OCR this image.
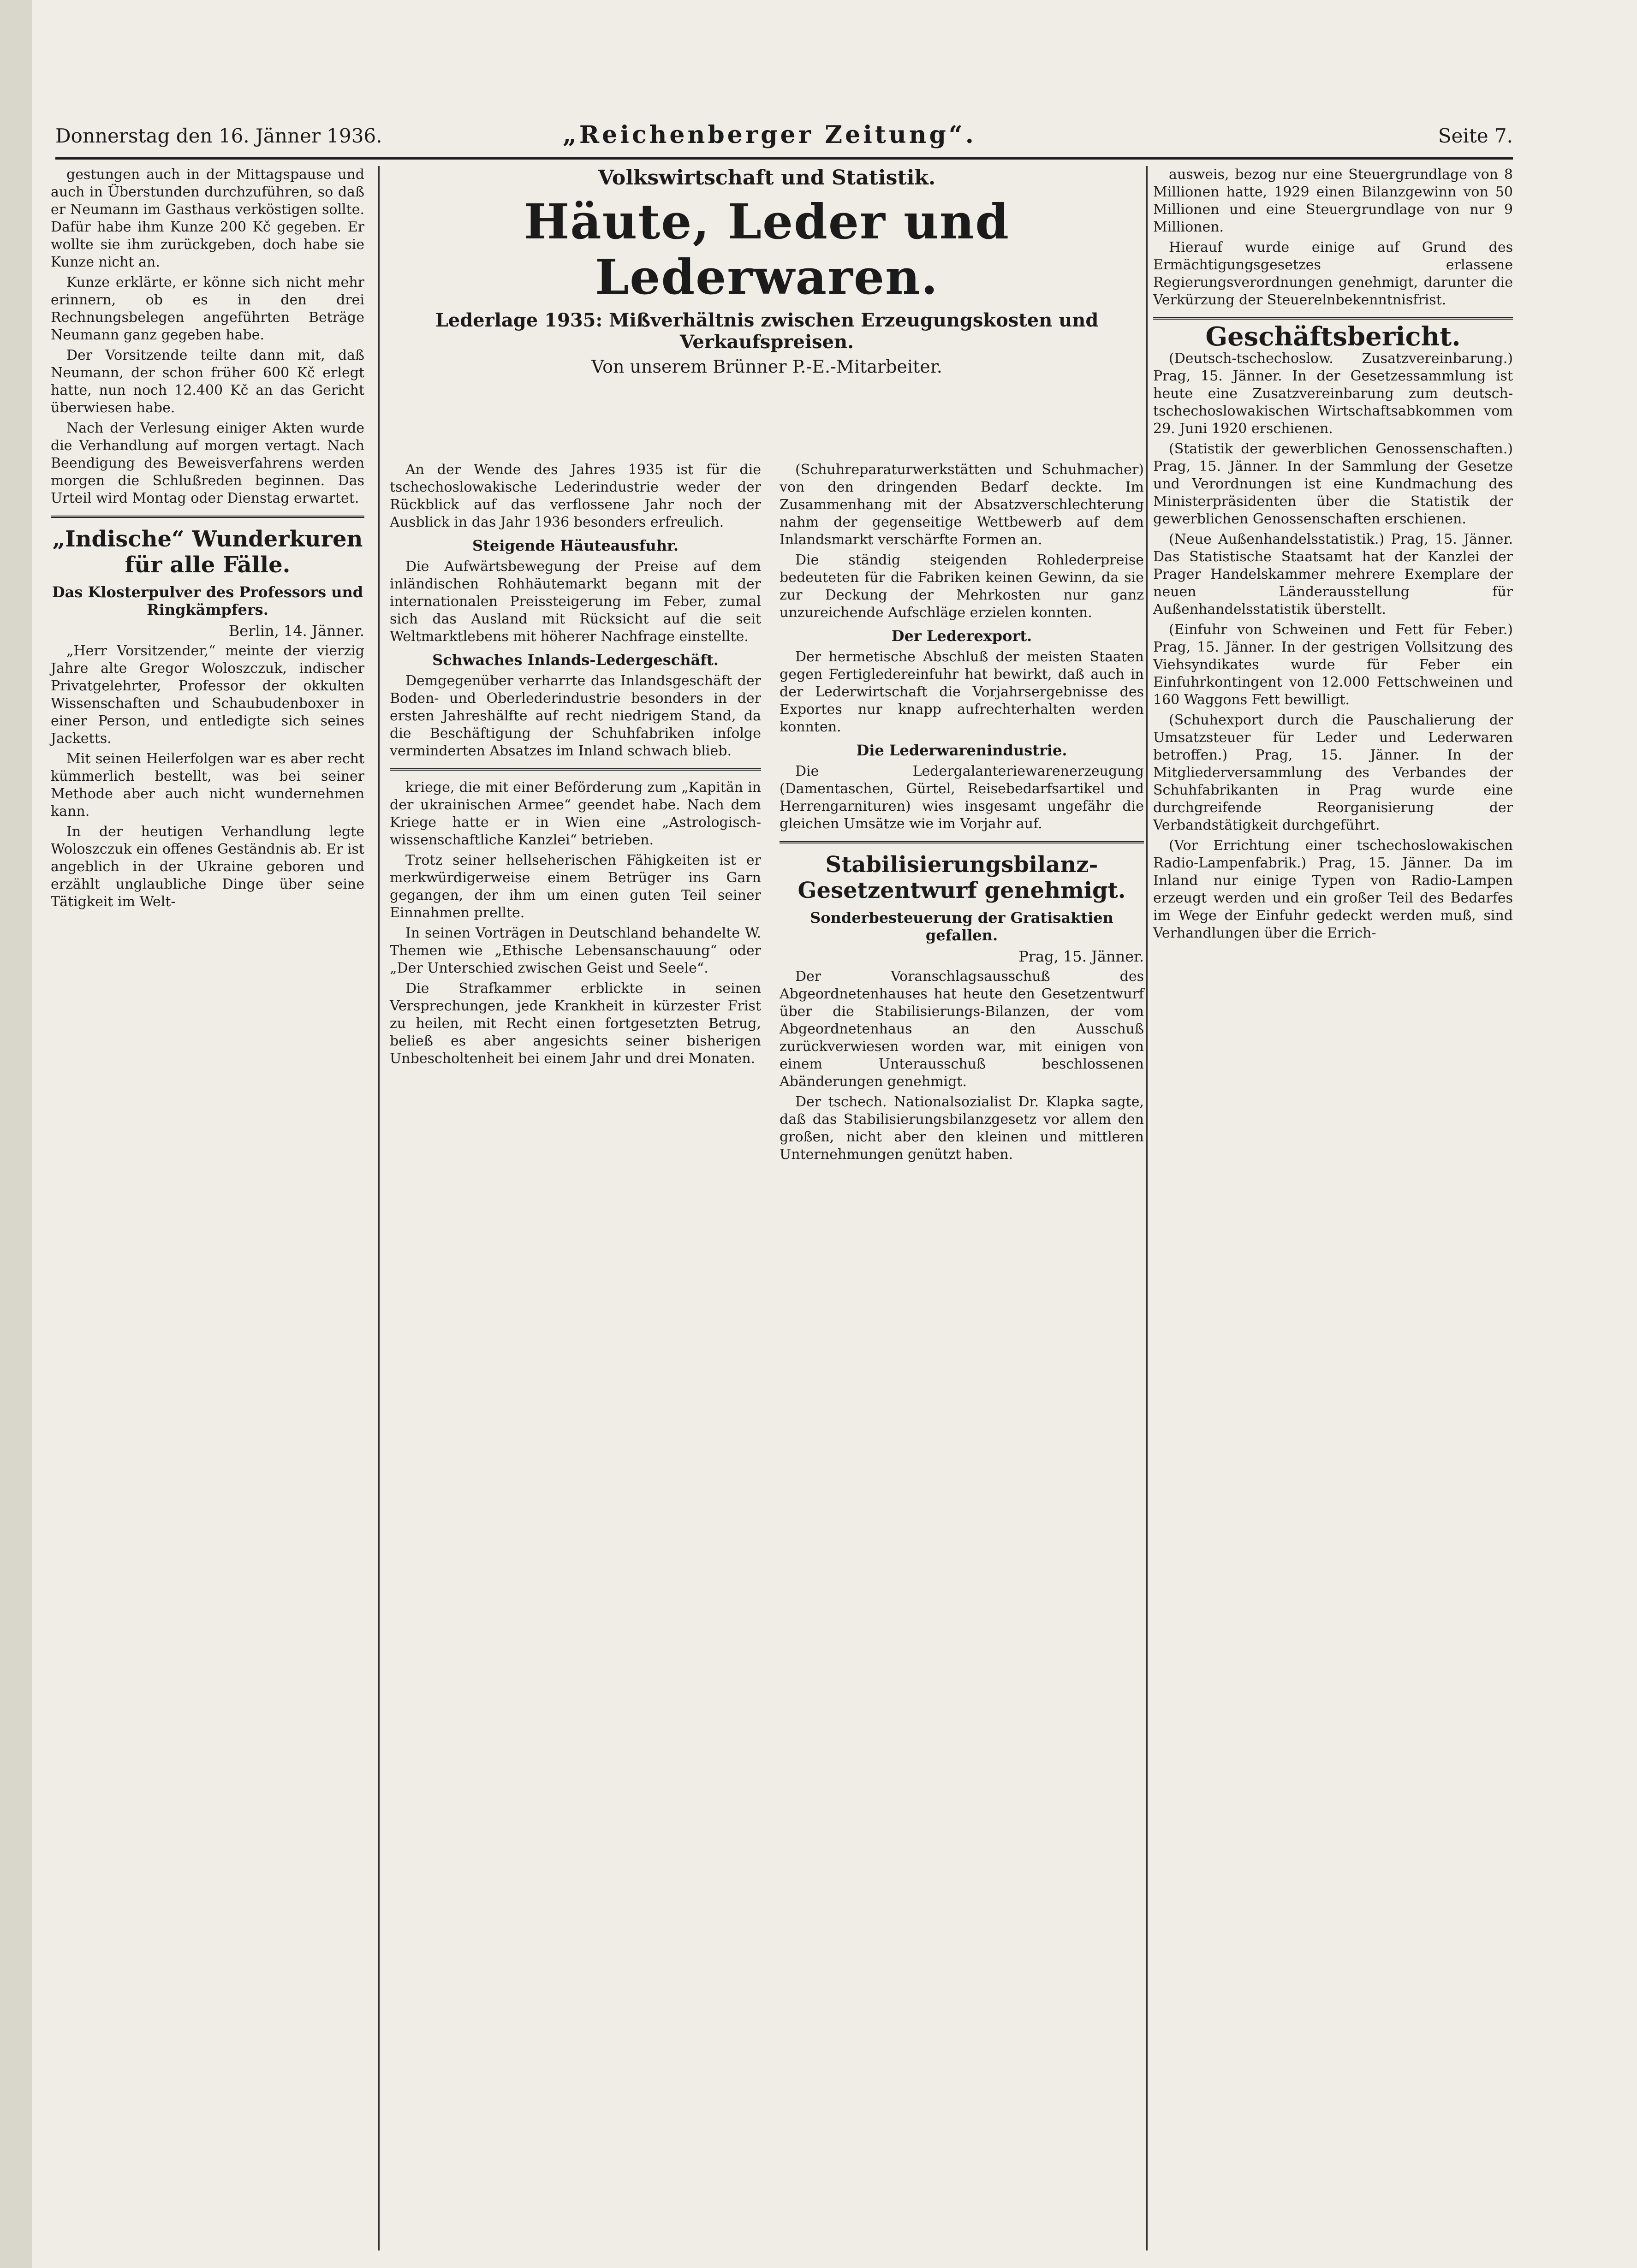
Donnerstag den 16. Jänner 1936.	„Reichenberger Zeitung“.	Seite 7.

gestungen auch in der Mittagspause und auch in Überstunden durchzuführen, so daß er Neumann im Gasthaus verköstigen sollte. Dafür habe ihm Kunze 200 Kč gegeben. Er wollte sie ihm zurückgeben, doch habe sie Kunze nicht an.

Kunze erklärte, er könne sich nicht mehr erinnern, ob es in den drei Rechnungsbelegen angeführten Beträge Neumann ganz gegeben habe.

Der Vorsitzende teilte dann mit, daß Neumann, der schon früher 600 Kč erlegt hatte, nun noch 12.400 Kč an das Gericht überwiesen habe.

Nach der Verlesung einiger Akten wurde die Verhandlung auf morgen vertagt. Nach Beendigung des Beweisverfahrens werden morgen die Schlußreden beginnen. Das Urteil wird Montag oder Dienstag erwartet.

„Indische“ Wunderkuren für alle Fälle.
Das Klosterpulver des Professors und Ringkämpfers.
Berlin, 14. Jänner.

„Herr Vorsitzender,“ meinte der vierzig Jahre alte Gregor Woloszczuk, indischer Privatgelehrter, Professor der okkulten Wissenschaften und Schaubudenboxer in einer Person, und entledigte sich seines Jacketts.

Mit seinen Heilerfolgen war es aber recht kümmerlich bestellt, was bei seiner Methode aber auch nicht wundernehmen kann.

In der heutigen Verhandlung legte Woloszczuk ein offenes Geständnis ab. Er ist angeblich in der Ukraine geboren und erzählt unglaubliche Dinge über seine Tätigkeit im Welt-

Volkswirtschaft und Statistik.
Häute, Leder und Lederwaren.
Lederlage 1935: Mißverhältnis zwischen Erzeugungskosten und Verkaufspreisen.
Von unserem Brünner P.-E.-Mitarbeiter.

An der Wende des Jahres 1935 ist für die tschechoslowakische Lederindustrie weder der Rückblick auf das verflossene Jahr noch der Ausblick in das Jahr 1936 besonders erfreulich.

Steigende Häuteausfuhr.

Die Aufwärtsbewegung der Preise auf dem inländischen Rohhäutemarkt begann mit der internationalen Preissteigerung im Feber, zumal sich das Ausland mit Rücksicht auf die seit Weltmarktlebens mit höherer Nachfrage einstellte.

Schwaches Inlands-Ledergeschäft.

Demgegenüber verharrte das Inlandsgeschäft der Boden- und Oberlederindustrie besonders in der ersten Jahreshälfte auf recht niedrigem Stand, da die Beschäftigung der Schuhfabriken infolge verminderten Absatzes im Inland schwach blieb.

kriege, die mit einer Beförderung zum „Kapitän in der ukrainischen Armee“ geendet habe. Nach dem Kriege hatte er in Wien eine „Astrologisch-wissenschaftliche Kanzlei“ betrieben.

Trotz seiner hellseherischen Fähigkeiten ist er merkwürdigerweise einem Betrüger ins Garn gegangen, der ihm um einen guten Teil seiner Einnahmen prellte.

In seinen Vorträgen in Deutschland behandelte W. Themen wie „Ethische Lebensanschauung“ oder „Der Unterschied zwischen Geist und Seele“.

Die Strafkammer erblickte in seinen Versprechungen, jede Krankheit in kürzester Frist zu heilen, mit Recht einen fortgesetzten Betrug, beließ es aber angesichts seiner bisherigen Unbescholtenheit bei einem Jahr und drei Monaten.

(Schuhreparaturwerkstätten und Schuhmacher) von den dringenden Bedarf deckte. Im Zusammenhang mit der Absatzverschlechterung nahm der gegenseitige Wettbewerb auf dem Inlandsmarkt verschärfte Formen an.

Die ständig steigenden Rohlederpreise bedeuteten für die Fabriken keinen Gewinn, da sie zur Deckung der Mehrkosten nur ganz unzureichende Aufschläge erzielen konnten.

Der Lederexport.

Der hermetische Abschluß der meisten Staaten gegen Fertigledereinfuhr hat bewirkt, daß auch in der Lederwirtschaft die Vorjahrsergebnisse des Exportes nur knapp aufrechterhalten werden konnten.

Die Lederwarenindustrie.

Die Ledergalanteriewarenerzeugung (Damentaschen, Gürtel, Reisebedarfsartikel und Herrengarnituren) wies insgesamt ungefähr die gleichen Umsätze wie im Vorjahr auf.

Stabilisierungsbilanz-Gesetzentwurf genehmigt.
Sonderbesteuerung der Gratisaktien gefallen.
Prag, 15. Jänner.

Der Voranschlagsausschuß des Abgeordnetenhauses hat heute den Gesetzentwurf über die Stabilisierungs-Bilanzen, der vom Abgeordnetenhaus an den Ausschuß zurückverwiesen worden war, mit einigen von einem Unterausschuß beschlossenen Abänderungen genehmigt.

Der tschech. Nationalsozialist Dr. Klapka sagte, daß das Stabilisierungsbilanzgesetz vor allem den großen, nicht aber den kleinen und mittleren Unternehmungen genützt haben.

ausweis, bezog nur eine Steuergrundlage von 8 Millionen hatte, 1929 einen Bilanzgewinn von 50 Millionen und eine Steuergrundlage von nur 9 Millionen.

Hierauf wurde einige auf Grund des Ermächtigungsgesetzes erlassene Regierungsverordnungen genehmigt, darunter die Verkürzung der Steuerelnbekenntnisfrist.

Geschäftsbericht.

(Deutsch-tschechoslow. Zusatzvereinbarung.) Prag, 15. Jänner. In der Gesetzessammlung ist heute eine Zusatzvereinbarung zum deutsch-tschechoslowakischen Wirtschaftsabkommen vom 29. Juni 1920 erschienen.

(Statistik der gewerblichen Genossenschaften.) Prag, 15. Jänner. In der Sammlung der Gesetze und Verordnungen ist eine Kundmachung des Ministerpräsidenten über die Statistik der gewerblichen Genossenschaften erschienen.

(Neue Außenhandelsstatistik.) Prag, 15. Jänner. Das Statistische Staatsamt hat der Kanzlei der Prager Handelskammer mehrere Exemplare der neuen Länderausstellung für Außenhandelsstatistik überstellt.

(Einfuhr von Schweinen und Fett für Feber.) Prag, 15. Jänner. In der gestrigen Vollsitzung des Viehsyndikates wurde für Feber ein Einfuhrkontingent von 12.000 Fettschweinen und 160 Waggons Fett bewilligt.

(Schuhexport durch die Pauschalierung der Umsatzsteuer für Leder und Lederwaren betroffen.) Prag, 15. Jänner. In der Mitgliederversammlung des Verbandes der Schuhfabrikanten in Prag wurde eine durchgreifende Reorganisierung der Verbandstätigkeit durchgeführt.

(Vor Errichtung einer tschechoslowakischen Radio-Lampenfabrik.) Prag, 15. Jänner. Da im Inland nur einige Typen von Radio-Lampen erzeugt werden und ein großer Teil des Bedarfes im Wege der Einfuhr gedeckt werden muß, sind Verhandlungen über die Errich-
